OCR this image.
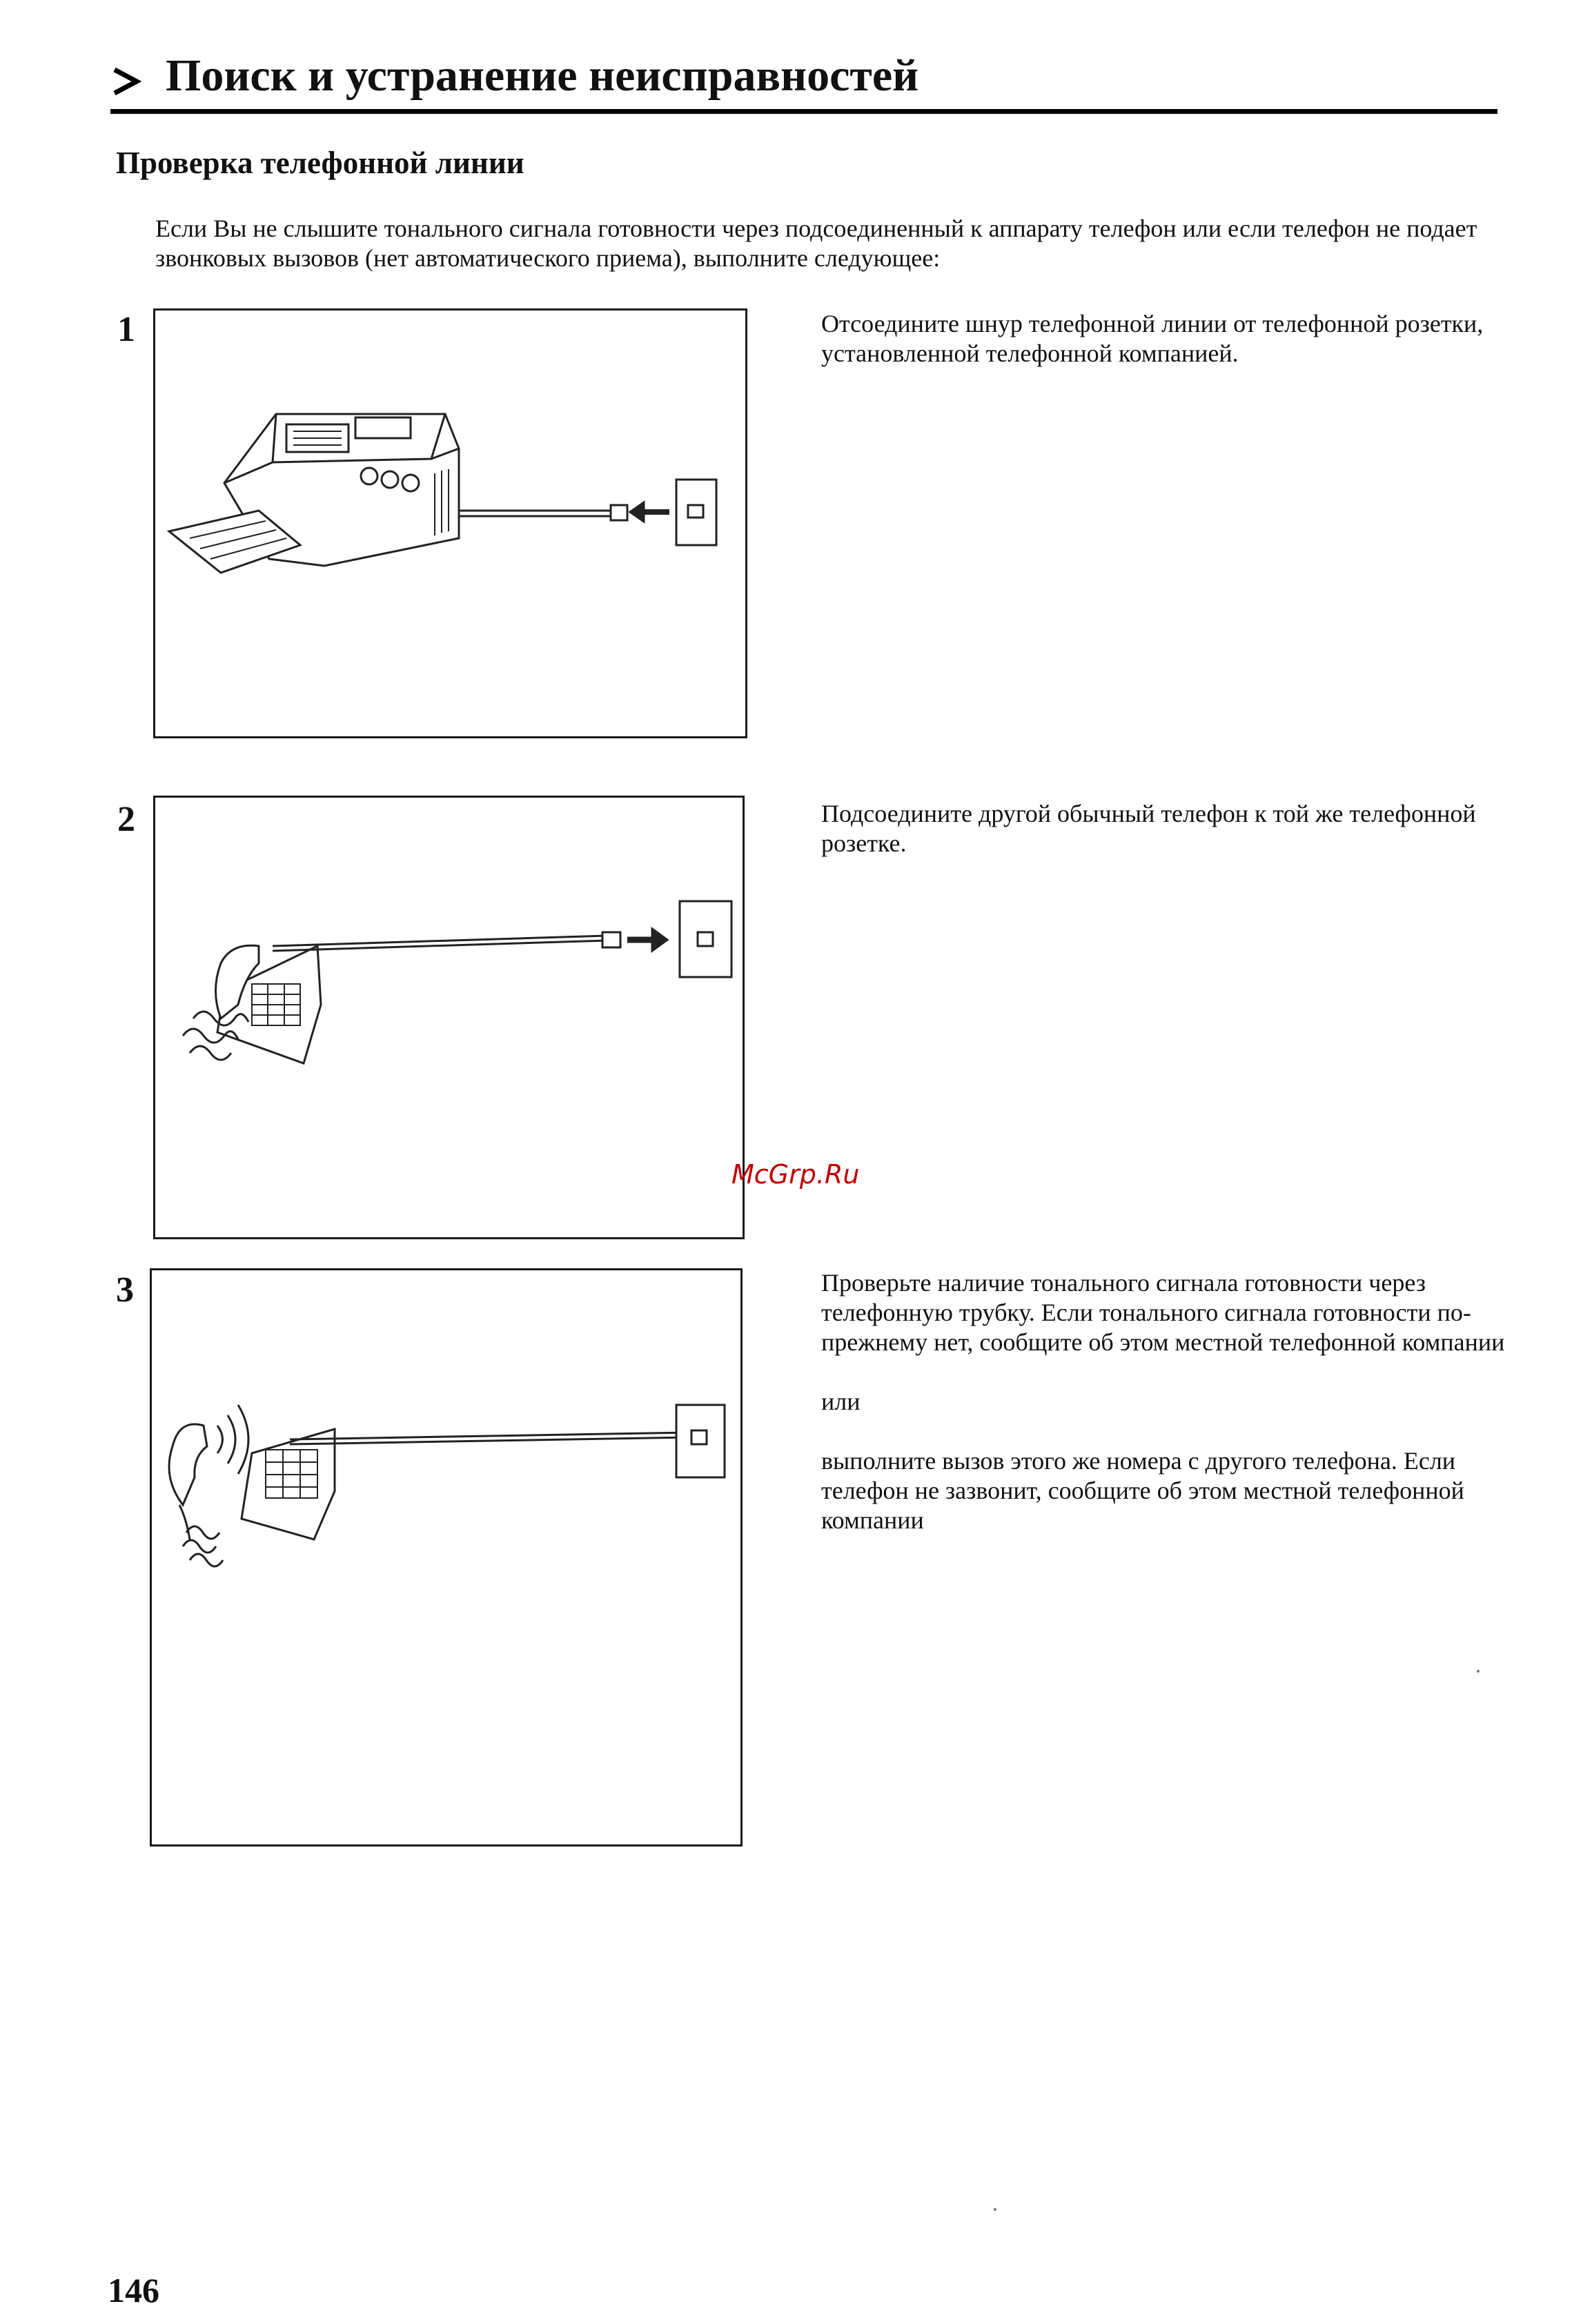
Поиск и устранение неисправностей
Проверка телефонной линии
Если Вы не слышите тонального сигнала готовности через подсоединенный к аппарату телефон или если телефон не подает звонковых вызовов (нет автоматического приема), выполните следующее:
1	Отсоедините шнур телефонной линии от телефонной розетки, установленной телефонной компанией.
2	Подсоедините другой обычный телефон к той же телефонной розетке.
3	Проверьте наличие тонального сигнала готовности через телефонную трубку. Если тонального сигнала готовности по-прежнему нет, сообщите об этом местной телефонной компании

или

выполните вызов этого же номера с другого телефона. Если телефон не зазвонит, сообщите об этом местной телефонной компании

McGrp.Ru
146
